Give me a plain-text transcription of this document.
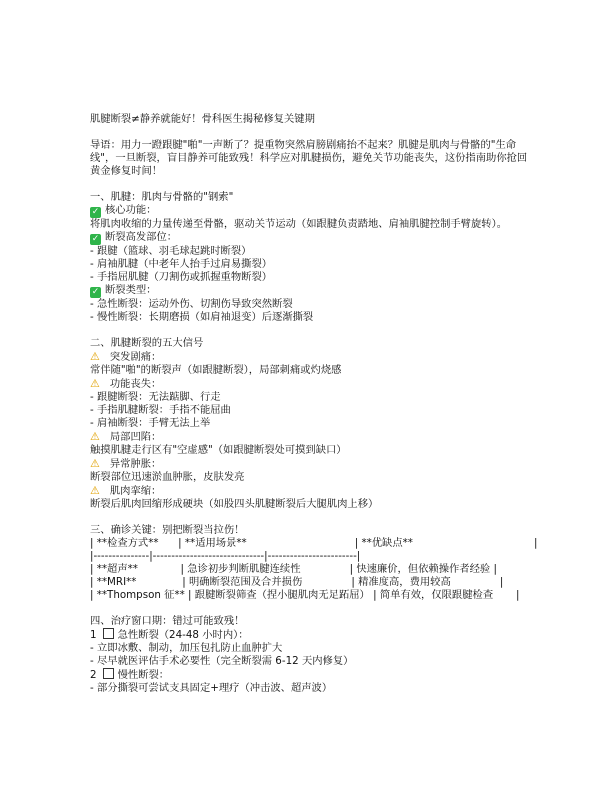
肌腱断裂≠静养就能好！骨科医生揭秘修复关键期
导语：用力一蹬跟腱"啪"一声断了？提重物突然肩膀剧痛抬不起来？肌腱是肌肉与骨骼的"生命线"，一旦断裂，盲目静养可能致残！科学应对肌腱损伤，避免关节功能丧失，这份指南助你抢回黄金修复时间！
一、肌腱：肌肉与骨骼的"钢索"
✓ 核心功能：
将肌肉收缩的力量传递至骨骼，驱动关节运动（如跟腱负责踏地、肩袖肌腱控制手臂旋转）。
✓ 断裂高发部位：
- 跟腱（篮球、羽毛球起跳时断裂）
- 肩袖肌腱（中老年人抬手过肩易撕裂）
- 手指屈肌腱（刀割伤或抓握重物断裂）
✓ 断裂类型：
- 急性断裂：运动外伤、切割伤导致突然断裂
- 慢性断裂：长期磨损（如肩袖退变）后逐渐撕裂
二、肌腱断裂的五大信号
⚠ 突发剧痛：
常伴随"啪"的断裂声（如跟腱断裂），局部刺痛或灼烧感
⚠ 功能丧失：
- 跟腱断裂：无法踮脚、行走
- 手指肌腱断裂：手指不能屈曲
- 肩袖断裂：手臂无法上举
⚠ 局部凹陷：
触摸肌腱走行区有"空虚感"（如跟腱断裂处可摸到缺口）
⚠ 异常肿胀：
断裂部位迅速淤血肿胀，皮肤发亮
⚠ 肌肉挛缩：
断裂后肌肉回缩形成硬块（如股四头肌腱断裂后大腿肌肉上移）
三、确诊关键：别把断裂当拉伤！
| **检查方式**      | **适用场景**                                 | **优缺点**                                     |
|---------------|------------------------------|------------------------|
| **超声**             | 急诊初步判断肌腱连续性               | 快速廉价，但依赖操作者经验 |
| **MRI**              | 明确断裂范围及合并损伤               | 精准度高，费用较高               |
| **Thompson 征** | 跟腱断裂筛查（捏小腿肌肉无足跖屈） | 简单有效，仅限跟腱检查       |
四、治疗窗口期：错过可能致残！
1 急性断裂（24-48 小时内）：
- 立即冰敷、制动，加压包扎防止血肿扩大
- 尽早就医评估手术必要性（完全断裂需 6-12 天内修复）
2 慢性断裂：
- 部分撕裂可尝试支具固定+理疗（冲击波、超声波）
